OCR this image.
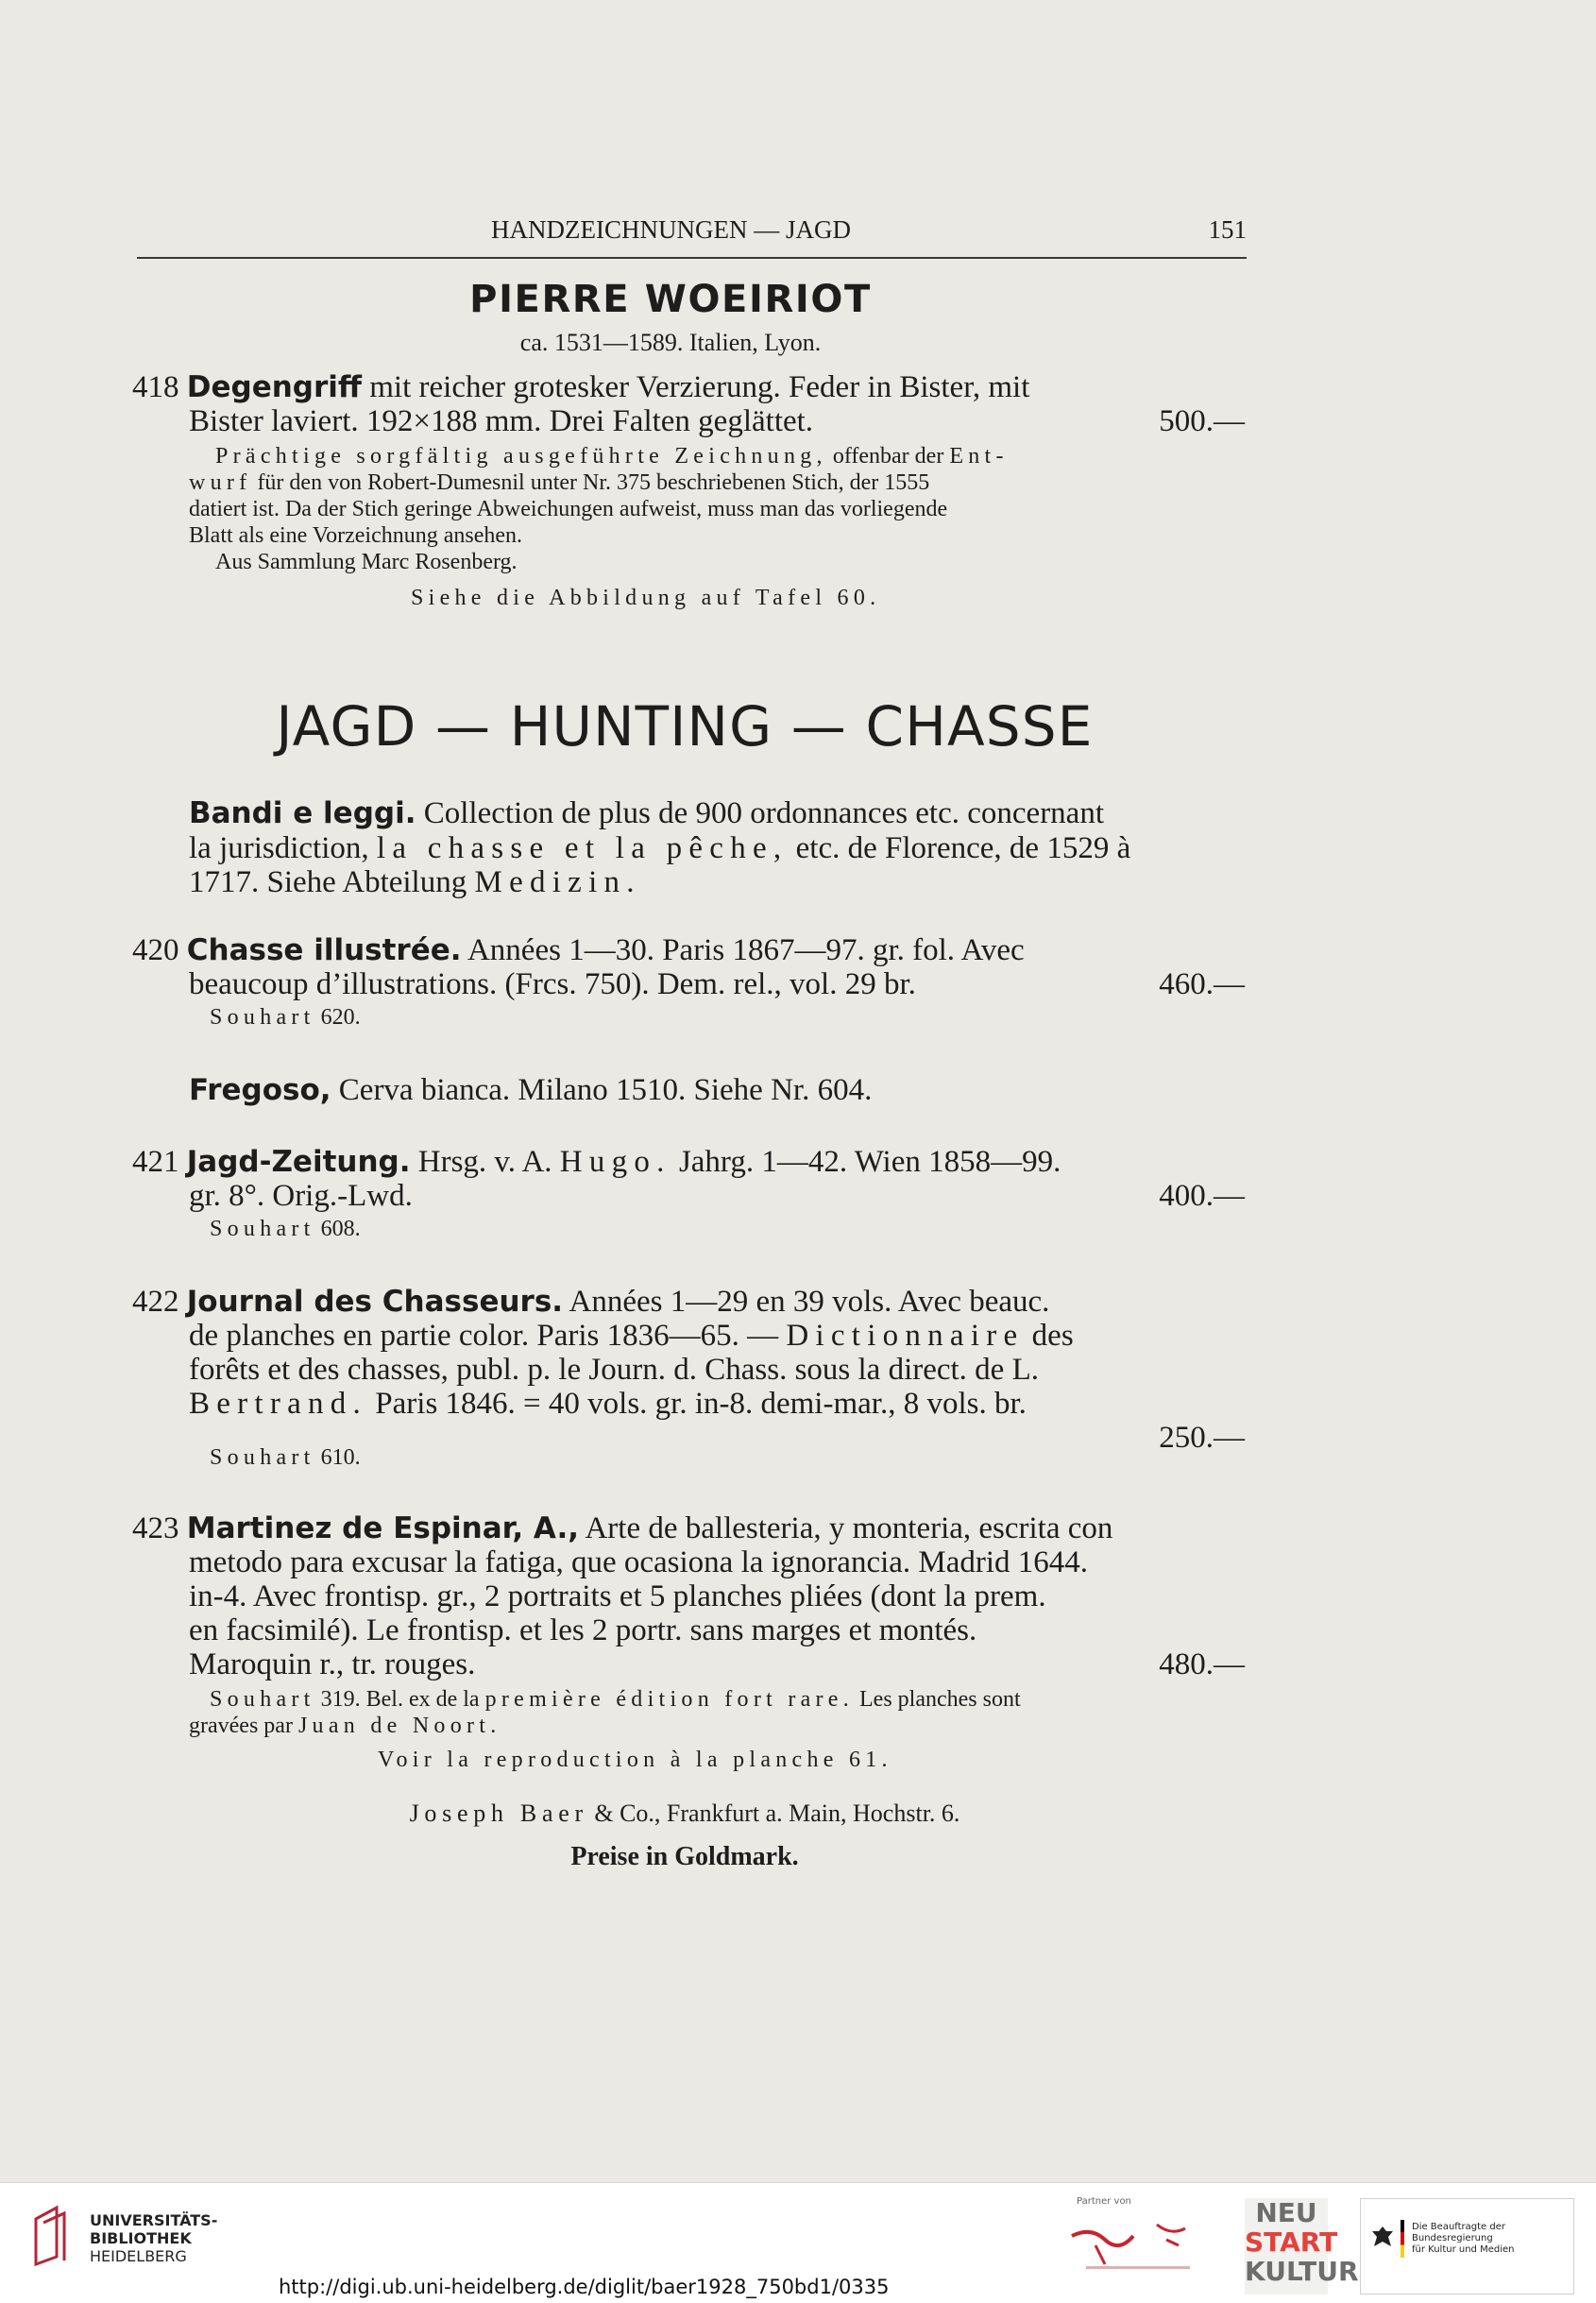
HANDZEICHNUNGEN — JAGD	151
PIERRE WOEIRIOT
ca. 1531—1589. Italien, Lyon.
418 Degengriff mit reicher grotesker Verzierung. Feder in Bister, mit
Bister laviert. 192×188 mm. Drei Falten geglättet.	500.—
Prächtige sorgfältig ausgeführte Zeichnung, offenbar der Ent-
wurf für den von Robert-Dumesnil unter Nr. 375 beschriebenen Stich, der 1555
datiert ist. Da der Stich geringe Abweichungen aufweist, muss man das vorliegende
Blatt als eine Vorzeichnung ansehen.
Aus Sammlung Marc Rosenberg.
Siehe die Abbildung auf Tafel 60.
JAGD — HUNTING — CHASSE
Bandi e leggi. Collection de plus de 900 ordonnances etc. concernant
la jurisdiction, la chasse et la pêche, etc. de Florence, de 1529 à
1717. Siehe Abteilung Medizin.
420 Chasse illustrée. Années 1—30. Paris 1867—97. gr. fol. Avec
beaucoup d’illustrations. (Frcs. 750). Dem. rel., vol. 29 br.	460.—
Souhart 620.
Fregoso, Cerva bianca. Milano 1510. Siehe Nr. 604.
421 Jagd-Zeitung. Hrsg. v. A. Hugo. Jahrg. 1—42. Wien 1858—99.
gr. 8°. Orig.-Lwd.	400.—
Souhart 608.
422 Journal des Chasseurs. Années 1—29 en 39 vols. Avec beauc.
de planches en partie color. Paris 1836—65. — Dictionnaire des
forêts et des chasses, publ. p. le Journ. d. Chass. sous la direct. de L.
Bertrand. Paris 1846. = 40 vols. gr. in-8. demi-mar., 8 vols. br.
250.—
Souhart 610.
423 Martinez de Espinar, A., Arte de ballesteria, y monteria, escrita con
metodo para excusar la fatiga, que ocasiona la ignorancia. Madrid 1644.
in-4. Avec frontisp. gr., 2 portraits et 5 planches pliées (dont la prem.
en facsimilé). Le frontisp. et les 2 portr. sans marges et montés.
Maroquin r., tr. rouges.	480.—
Souhart 319. Bel. ex de la première édition fort rare. Les planches sont
gravées par Juan de Noort.
Voir la reproduction à la planche 61.
Joseph Baer & Co., Frankfurt a. Main, Hochstr. 6.
Preise in Goldmark.
UNIVERSITÄTS-
BIBLIOTHEK
HEIDELBERG
http://digi.ub.uni-heidelberg.de/diglit/baer1928_750bd1/0335
Partner von	NEU
START
KULTUR
Die Beauftragte der Bundesregierung
für Kultur und Medien
